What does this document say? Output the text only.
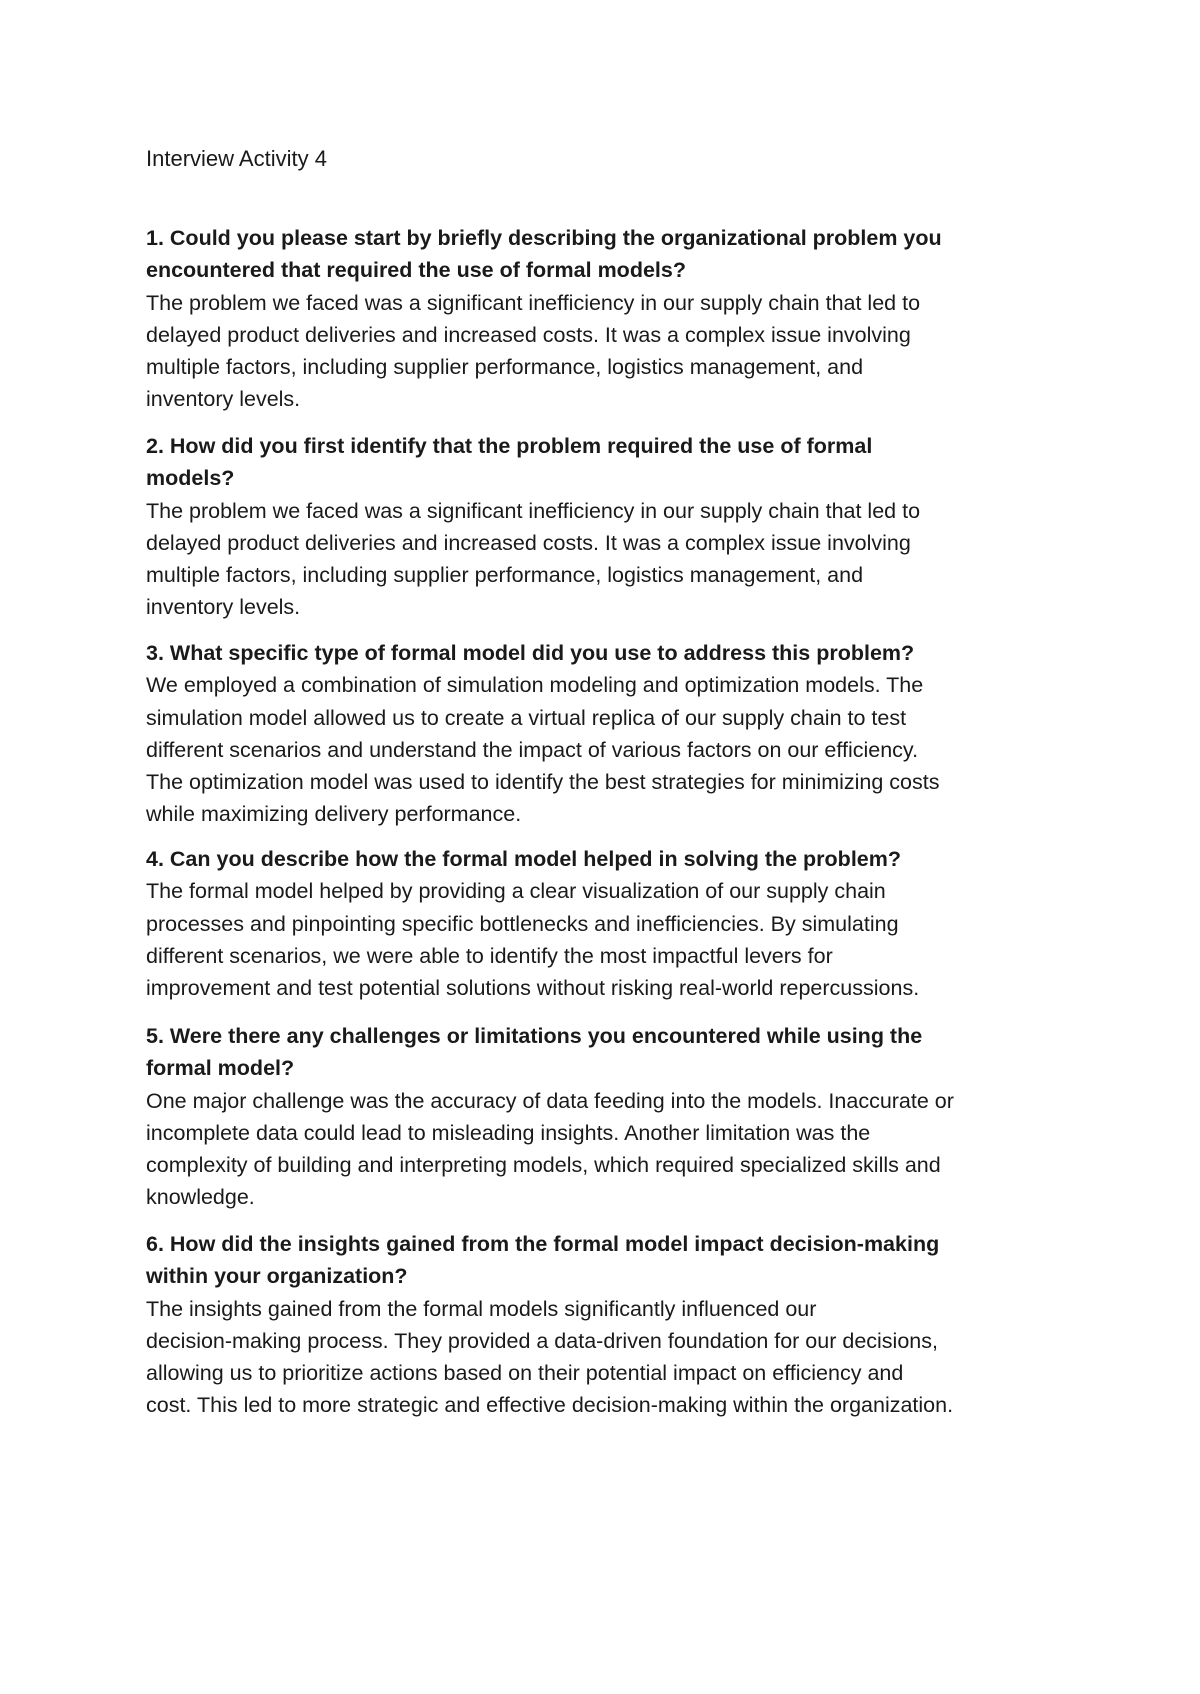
Interview Activity 4

1. Could you please start by briefly describing the organizational problem you
encountered that required the use of formal models?

The problem we faced was a significant inefficiency in our supply chain that led to
delayed product deliveries and increased costs. It was a complex issue involving
multiple factors, including supplier performance, logistics management, and
inventory levels.

2. How did you first identify that the problem required the use of formal
models?

The problem we faced was a significant inefficiency in our supply chain that led to
delayed product deliveries and increased costs. It was a complex issue involving
multiple factors, including supplier performance, logistics management, and
inventory levels.

3. What specific type of formal model did you use to address this problem?

We employed a combination of simulation modeling and optimization models. The
simulation model allowed us to create a virtual replica of our supply chain to test
different scenarios and understand the impact of various factors on our efficiency.
The optimization model was used to identify the best strategies for minimizing costs
while maximizing delivery performance.

4. Can you describe how the formal model helped in solving the problem?

The formal model helped by providing a clear visualization of our supply chain
processes and pinpointing specific bottlenecks and inefficiencies. By simulating
different scenarios, we were able to identify the most impactful levers for
improvement and test potential solutions without risking real-world repercussions.

5. Were there any challenges or limitations you encountered while using the
formal model?

One major challenge was the accuracy of data feeding into the models. Inaccurate or
incomplete data could lead to misleading insights. Another limitation was the
complexity of building and interpreting models, which required specialized skills and
knowledge.

6. How did the insights gained from the formal model impact decision-making
within your organization?

The insights gained from the formal models significantly influenced our
decision-making process. They provided a data-driven foundation for our decisions,
allowing us to prioritize actions based on their potential impact on efficiency and
cost. This led to more strategic and effective decision-making within the organization.
